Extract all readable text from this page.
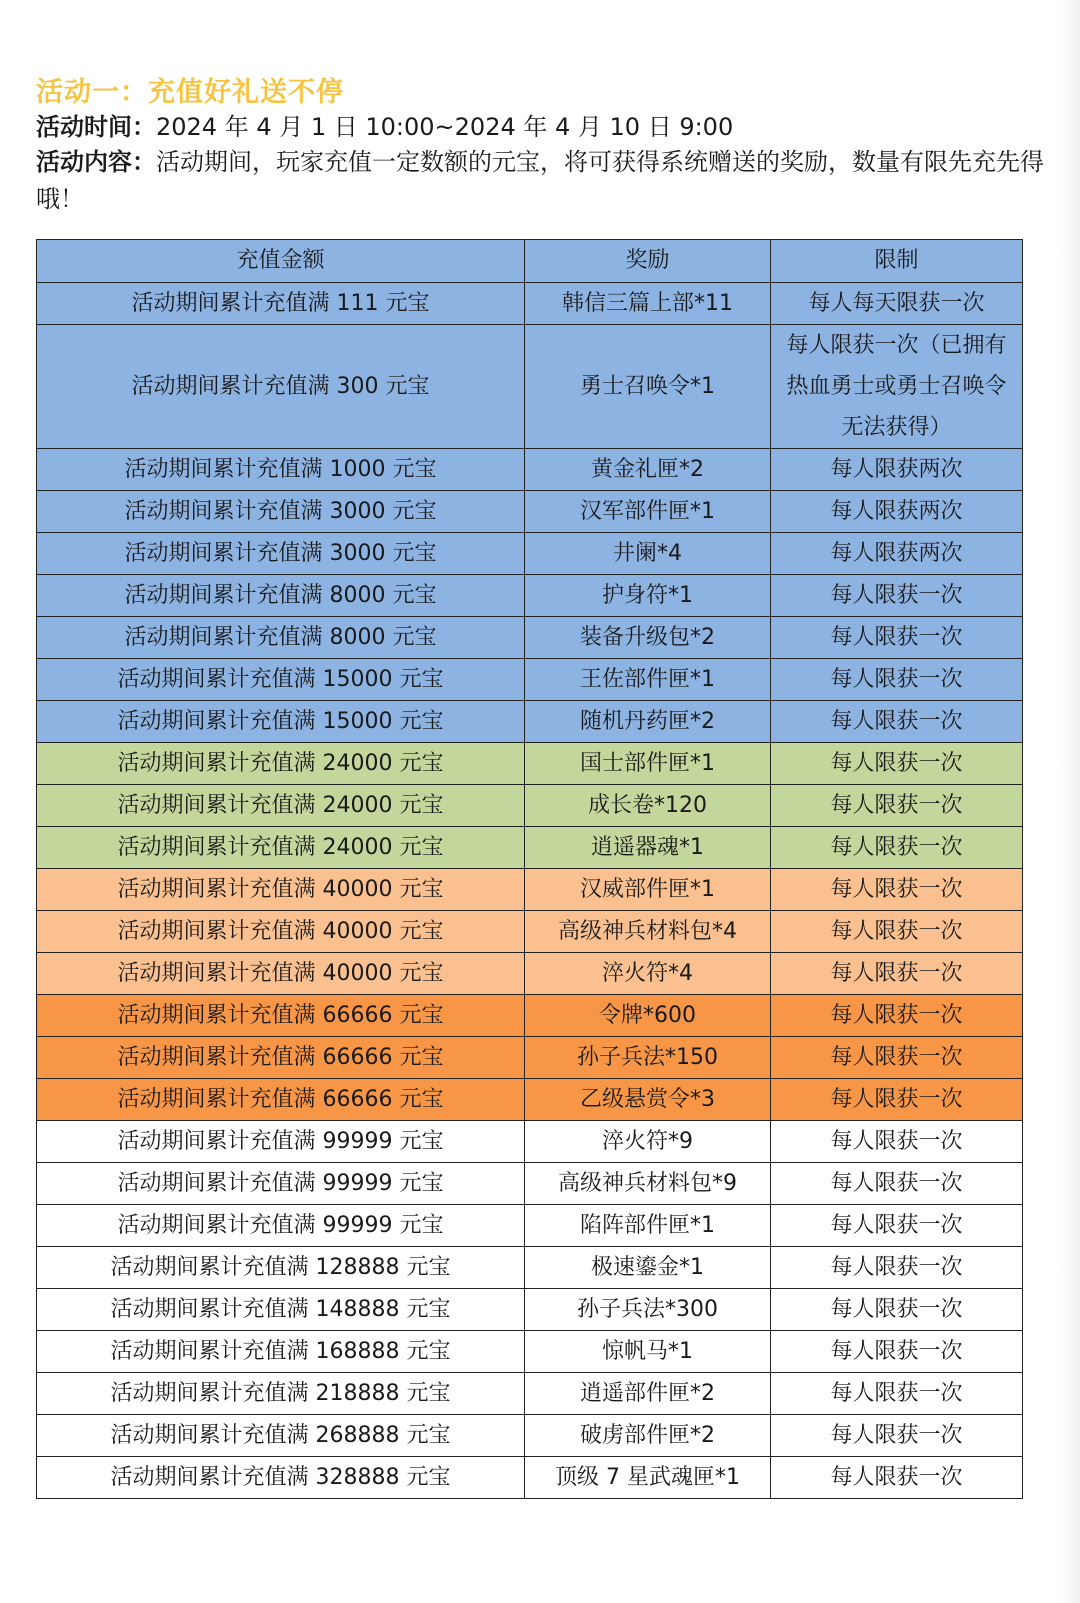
活动一：充值好礼送不停
活动时间：2024 年 4 月 1 日 10:00~2024 年 4 月 10 日 9:00
活动内容：活动期间，玩家充值一定数额的元宝，将可获得系统赠送的奖励，数量有限先充先得哦！
充值金额	奖励	限制
活动期间累计充值满 111 元宝	韩信三篇上部*11	每人每天限获一次
活动期间累计充值满 300 元宝	勇士召唤令*1	每人限获一次（已拥有热血勇士或勇士召唤令无法获得）
活动期间累计充值满 1000 元宝	黄金礼匣*2	每人限获两次
活动期间累计充值满 3000 元宝	汉军部件匣*1	每人限获两次
活动期间累计充值满 3000 元宝	井阑*4	每人限获两次
活动期间累计充值满 8000 元宝	护身符*1	每人限获一次
活动期间累计充值满 8000 元宝	装备升级包*2	每人限获一次
活动期间累计充值满 15000 元宝	王佐部件匣*1	每人限获一次
活动期间累计充值满 15000 元宝	随机丹药匣*2	每人限获一次
活动期间累计充值满 24000 元宝	国士部件匣*1	每人限获一次
活动期间累计充值满 24000 元宝	成长卷*120	每人限获一次
活动期间累计充值满 24000 元宝	逍遥器魂*1	每人限获一次
活动期间累计充值满 40000 元宝	汉威部件匣*1	每人限获一次
活动期间累计充值满 40000 元宝	高级神兵材料包*4	每人限获一次
活动期间累计充值满 40000 元宝	淬火符*4	每人限获一次
活动期间累计充值满 66666 元宝	令牌*600	每人限获一次
活动期间累计充值满 66666 元宝	孙子兵法*150	每人限获一次
活动期间累计充值满 66666 元宝	乙级悬赏令*3	每人限获一次
活动期间累计充值满 99999 元宝	淬火符*9	每人限获一次
活动期间累计充值满 99999 元宝	高级神兵材料包*9	每人限获一次
活动期间累计充值满 99999 元宝	陷阵部件匣*1	每人限获一次
活动期间累计充值满 128888 元宝	极速鎏金*1	每人限获一次
活动期间累计充值满 148888 元宝	孙子兵法*300	每人限获一次
活动期间累计充值满 168888 元宝	惊帆马*1	每人限获一次
活动期间累计充值满 218888 元宝	逍遥部件匣*2	每人限获一次
活动期间累计充值满 268888 元宝	破虏部件匣*2	每人限获一次
活动期间累计充值满 328888 元宝	顶级 7 星武魂匣*1	每人限获一次
